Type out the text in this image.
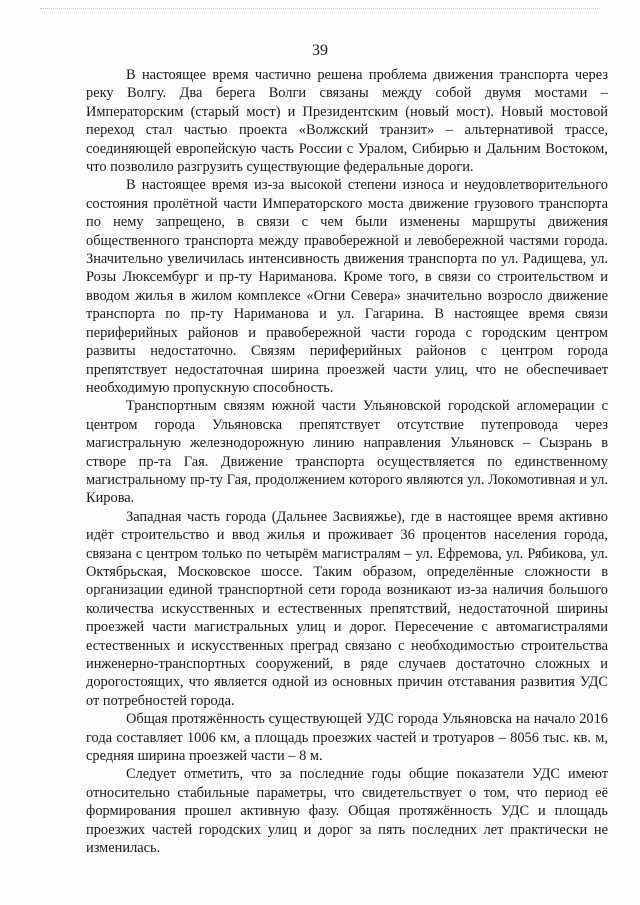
39

В настоящее время частично решена проблема движения транспорта через реку Волгу. Два берега Волги связаны между собой двумя мостами – Императорским (старый мост) и Президентским (новый мост). Новый мостовой переход стал частью проекта «Волжский транзит» – альтернативой трассе, соединяющей европейскую часть России с Уралом, Сибирью и Дальним Востоком, что позволило разгрузить существующие федеральные дороги.

В настоящее время из-за высокой степени износа и неудовлетворительного состояния пролётной части Императорского моста движение грузового транспорта по нему запрещено, в связи с чем были изменены маршруты движения общественного транспорта между правобережной и левобережной частями города. Значительно увеличилась интенсивность движения транспорта по ул. Радищева, ул. Розы Люксембург и пр-ту Нариманова. Кроме того, в связи со строительством и вводом жилья в жилом комплексе «Огни Севера» значительно возросло движение транспорта по пр-ту Нариманова и ул. Гагарина. В настоящее время связи периферийных районов и правобережной части города с городским центром развиты недостаточно. Связям периферийных районов с центром города препятствует недостаточная ширина проезжей части улиц, что не обеспечивает необходимую пропускную способность.

Транспортным связям южной части Ульяновской городской агломерации с центром города Ульяновска препятствует отсутствие путепровода через магистральную железнодорожную линию направления Ульяновск – Сызрань в створе пр-та Гая. Движение транспорта осуществляется по единственному магистральному пр-ту Гая, продолжением которого являются ул. Локомотивная и ул. Кирова.

Западная часть города (Дальнее Засвияжье), где в настоящее время активно идёт строительство и ввод жилья и проживает 36 процентов населения города, связана с центром только по четырём магистралям – ул. Ефремова, ул. Рябикова, ул. Октябрьская, Московское шоссе. Таким образом, определённые сложности в организации единой транспортной сети города возникают из-за наличия большого количества искусственных и естественных препятствий, недостаточной ширины проезжей части магистральных улиц и дорог. Пересечение с автомагистралями естественных и искусственных преград связано с необходимостью строительства инженерно-транспортных сооружений, в ряде случаев достаточно сложных и дорогостоящих, что является одной из основных причин отставания развития УДС от потребностей города.

Общая протяжённость существующей УДС города Ульяновска на начало 2016 года составляет 1006 км, а площадь проезжих частей и тротуаров – 8056 тыс. кв. м, средняя ширина проезжей части – 8 м.

Следует отметить, что за последние годы общие показатели УДС имеют относительно стабильные параметры, что свидетельствует о том, что период её формирования прошел активную фазу. Общая протяжённость УДС и площадь проезжих частей городских улиц и дорог за пять последних лет практически не изменилась.
